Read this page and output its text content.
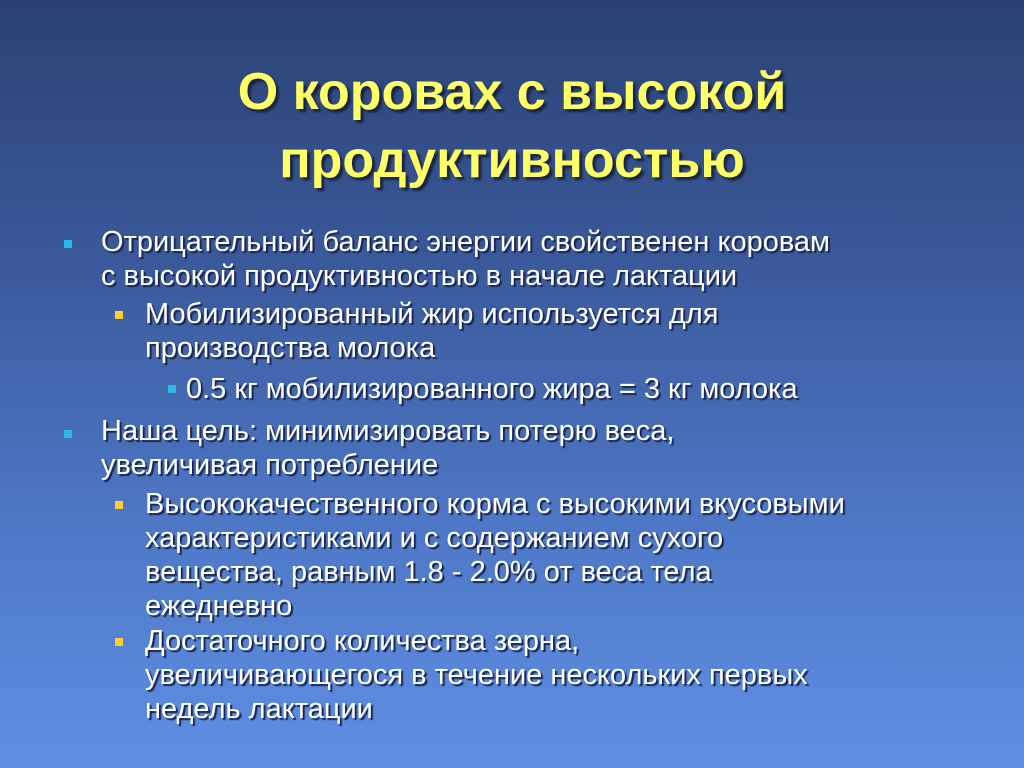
О коровах с высокой
продуктивностью
Отрицательный баланс энергии свойственен коровам
с высокой продуктивностью в начале лактации
Мобилизированный жир используется для
производства молока
0.5 кг мобилизированного жира = 3 кг молока
Наша цель: минимизировать потерю веса,
увеличивая потребление
Высококачественного корма с высокими вкусовыми
характеристиками и с содержанием сухого
вещества, равным 1.8 - 2.0% от веса тела
ежедневно
Достаточного количества зерна,
увеличивающегося в течение нескольких первых
недель лактации
